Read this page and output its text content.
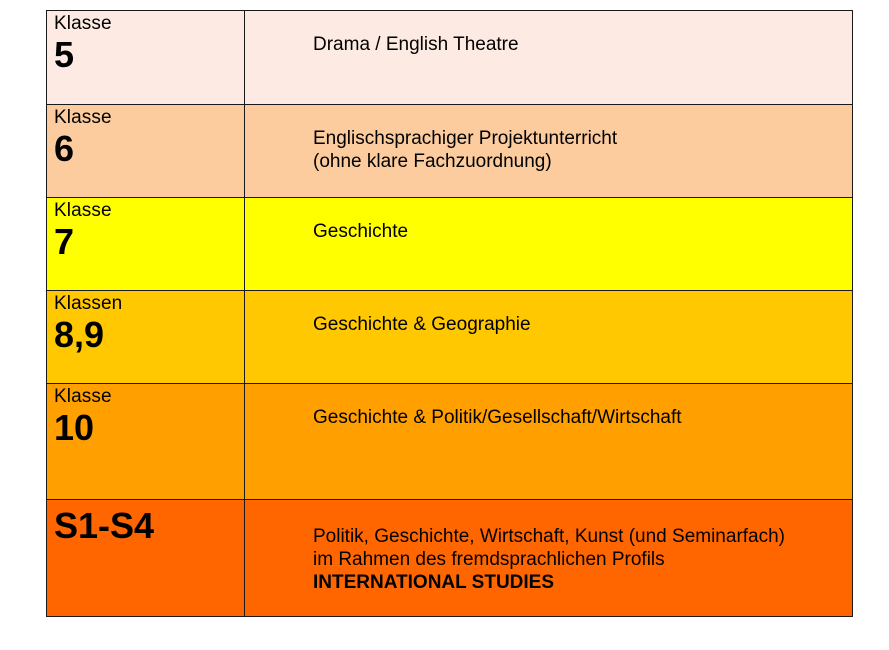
Klasse
5	Drama / English Theatre

Klasse
6	Englischsprachiger Projektunterricht
(ohne klare Fachzuordnung)

Klasse
7	Geschichte

Klassen
8,9	Geschichte & Geographie

Klasse
10	Geschichte & Politik/Gesellschaft/Wirtschaft

S1-S4	Politik, Geschichte, Wirtschaft, Kunst (und Seminarfach)
im Rahmen des fremdsprachlichen Profils
INTERNATIONAL STUDIES
